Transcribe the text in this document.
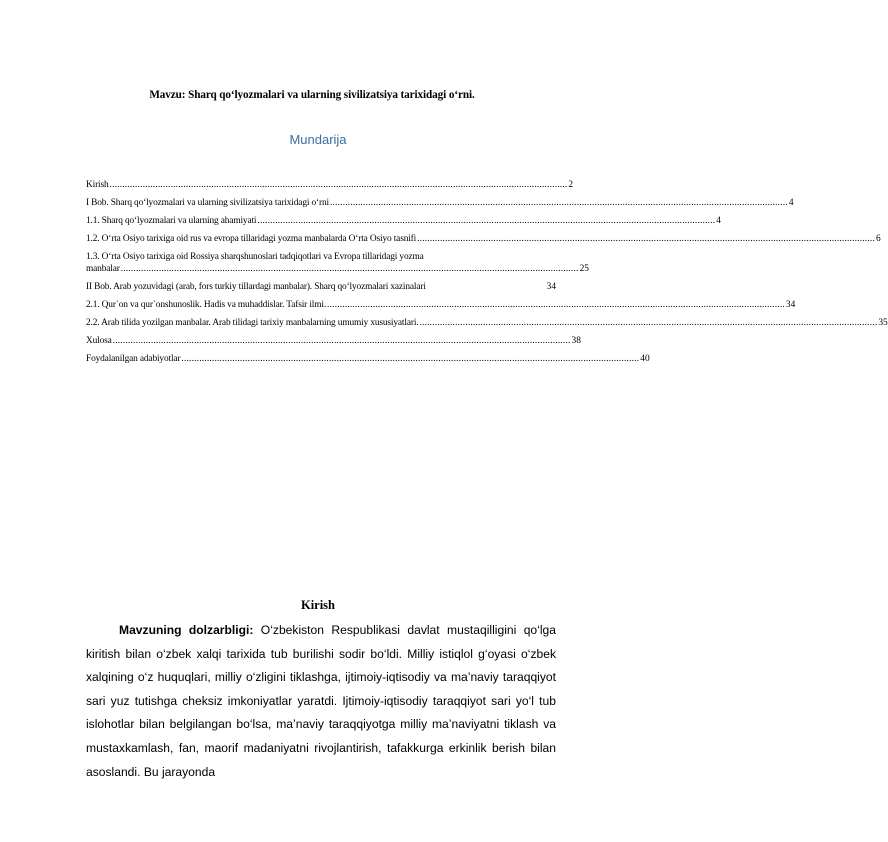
Mavzu: Sharq qo‘lyozmalari va ularning sivilizatsiya tarixidagi o‘rni.
Mundarija
Kirish .................................................................................................................................................................................... 2
I Bob. Sharq qo‘lyozmalari va ularning sivilizatsiya tarixidagi o‘rni .................................................................................................................................................................................... 4
1.1. Sharq qo‘lyozmalari va ularning ahamiyati .................................................................................................................................................................................... 4
1.2. O‘rta Osiyo tarixiga oid rus va evropa tillaridagi yozma manbalarda O‘rta Osiyo tasnifi .................................................................................................................................................................................... 6
1.3. O‘rta Osiyo tarixiga oid Rossiya sharqshunoslari tadqiqotlari va Evropa tillaridagi yozma
manbalar .................................................................................................................................................................................... 25
II Bob. Arab yozuvidagi (arab, fors turkiy tillardagi manbalar). Sharq qo‘lyozmalari xazinalari	34
2.1. Qur`on va qur`onshunoslik. Hadis va muhaddislar. Tafsir ilmi. .................................................................................................................................................................................... 34
2.2. Arab tilida yozilgan manbalar. Arab tilidagi tarixiy manbalarning umumiy xususiyatlari. .................................................................................................................................................................................... 35
Xulosa .................................................................................................................................................................................... 38
Foydalanilgan adabiyotlar .................................................................................................................................................................................... 40
Kirish
Mavzuning dolzarbligi: O‘zbekiston Respublikasi davlat mustaqilligini qo‘lga kiritish bilan o‘zbek xalqi tarixida tub burilishi sodir bo‘ldi. Milliy istiqlol g‘oyasi o‘zbek xalqining o‘z huquqlari, milliy o‘zligini tiklashga, ijtimoiy-iqtisodiy va ma’naviy taraqqiyot sari yuz tutishga cheksiz imkoniyatlar yaratdi. Ijtimoiy-iqtisodiy taraqqiyot sari yo‘l tub islohotlar bilan belgilangan bo‘lsa, ma’naviy taraqqiyotga milliy ma’naviyatni tiklash va mustaxkamlash, fan, maorif madaniyatni rivojlantirish, tafakkurga erkinlik berish bilan asoslandi. Bu jarayonda
